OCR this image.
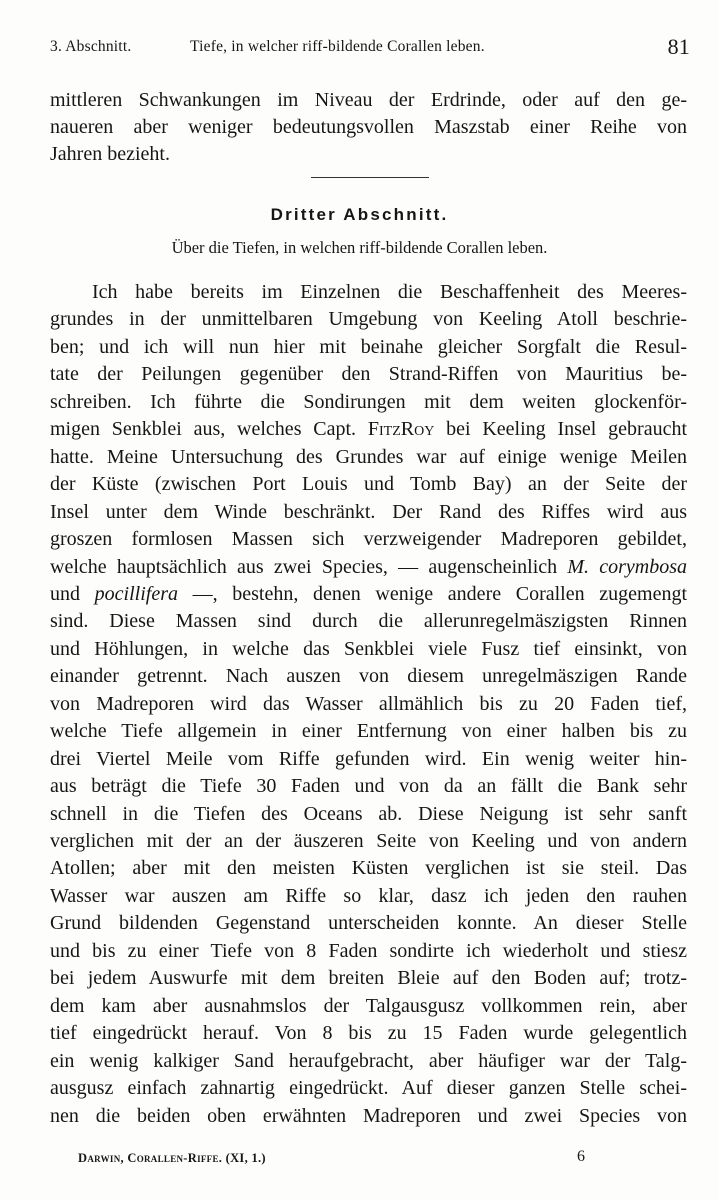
3. Abschnitt.	Tiefe, in welcher riff-bildende Corallen leben.	81
mittleren Schwankungen im Niveau der Erdrinde, oder auf den ge-
naueren aber weniger bedeutungsvollen Maszstab einer Reihe von
Jahren bezieht.
Dritter Abschnitt.
Über die Tiefen, in welchen riff-bildende Corallen leben.
Ich habe bereits im Einzelnen die Beschaffenheit des Meeres-
grundes in der unmittelbaren Umgebung von Keeling Atoll beschrie-
ben; und ich will nun hier mit beinahe gleicher Sorgfalt die Resul-
tate der Peilungen gegenüber den Strand-Riffen von Mauritius be-
schreiben. Ich führte die Sondirungen mit dem weiten glockenför-
migen Senkblei aus, welches Capt. FitzRoy bei Keeling Insel gebraucht
hatte. Meine Untersuchung des Grundes war auf einige wenige Meilen
der Küste (zwischen Port Louis und Tomb Bay) an der Seite der
Insel unter dem Winde beschränkt. Der Rand des Riffes wird aus
groszen formlosen Massen sich verzweigender Madreporen gebildet,
welche hauptsächlich aus zwei Species, — augenscheinlich M. corymbosa
und pocillifera —, bestehn, denen wenige andere Corallen zugemengt
sind. Diese Massen sind durch die allerunregelmäszigsten Rinnen
und Höhlungen, in welche das Senkblei viele Fusz tief einsinkt, von
einander getrennt. Nach auszen von diesem unregelmäszigen Rande
von Madreporen wird das Wasser allmählich bis zu 20 Faden tief,
welche Tiefe allgemein in einer Entfernung von einer halben bis zu
drei Viertel Meile vom Riffe gefunden wird. Ein wenig weiter hin-
aus beträgt die Tiefe 30 Faden und von da an fällt die Bank sehr
schnell in die Tiefen des Oceans ab. Diese Neigung ist sehr sanft
verglichen mit der an der äuszeren Seite von Keeling und von andern
Atollen; aber mit den meisten Küsten verglichen ist sie steil. Das
Wasser war auszen am Riffe so klar, dasz ich jeden den rauhen
Grund bildenden Gegenstand unterscheiden konnte. An dieser Stelle
und bis zu einer Tiefe von 8 Faden sondirte ich wiederholt und stiesz
bei jedem Auswurfe mit dem breiten Bleie auf den Boden auf; trotz-
dem kam aber ausnahmslos der Talgausgusz vollkommen rein, aber
tief eingedrückt herauf. Von 8 bis zu 15 Faden wurde gelegentlich
ein wenig kalkiger Sand heraufgebracht, aber häufiger war der Talg-
ausgusz einfach zahnartig eingedrückt. Auf dieser ganzen Stelle schei-
nen die beiden oben erwähnten Madreporen und zwei Species von
Darwin, Corallen-Riffe. (XI, 1.)	6
